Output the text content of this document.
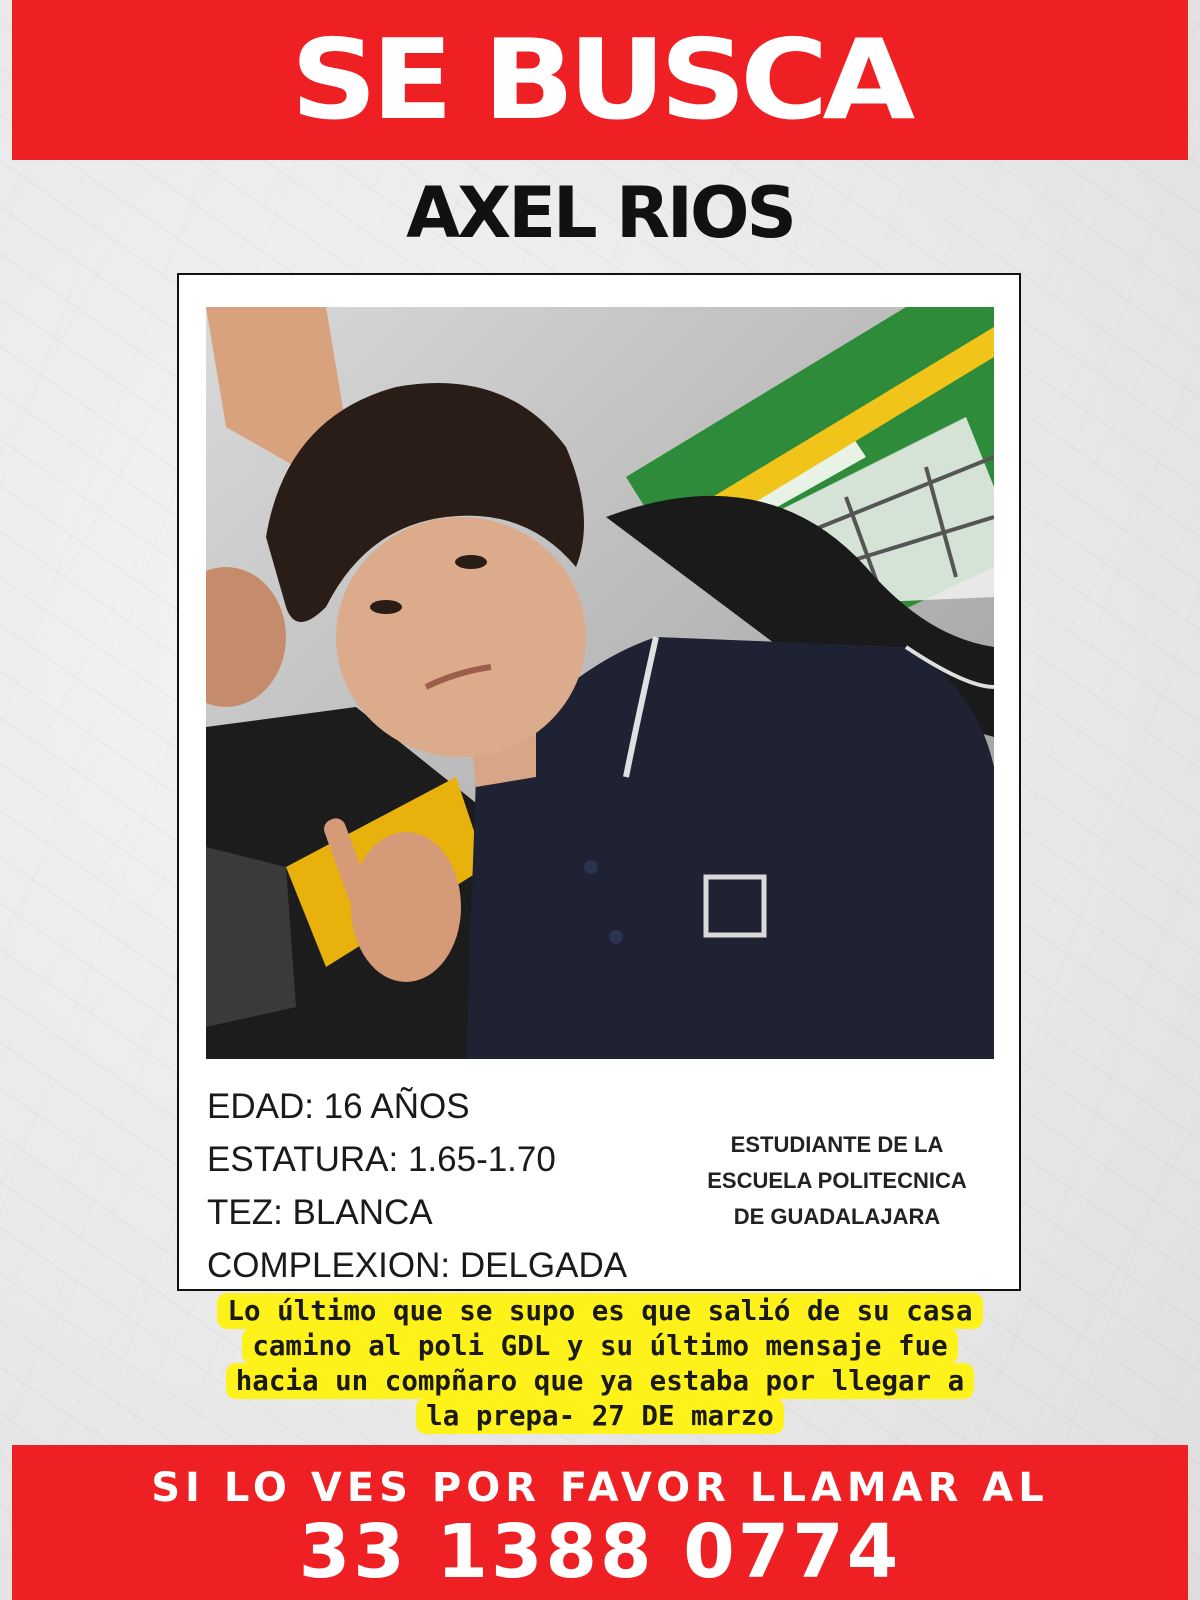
SE BUSCA
AXEL RIOS
EDAD: 16 AÑOS
ESTATURA: 1.65-1.70
TEZ: BLANCA
COMPLEXION: DELGADA
ESTUDIANTE DE LA
ESCUELA POLITECNICA
DE GUADALAJARA
Lo último que se supo es que salió de su casa
camino al poli GDL y su último mensaje fue
hacia un compñaro que ya estaba por llegar a
la prepa- 27 DE marzo
SI LO VES POR FAVOR LLAMAR AL
33 1388 0774
